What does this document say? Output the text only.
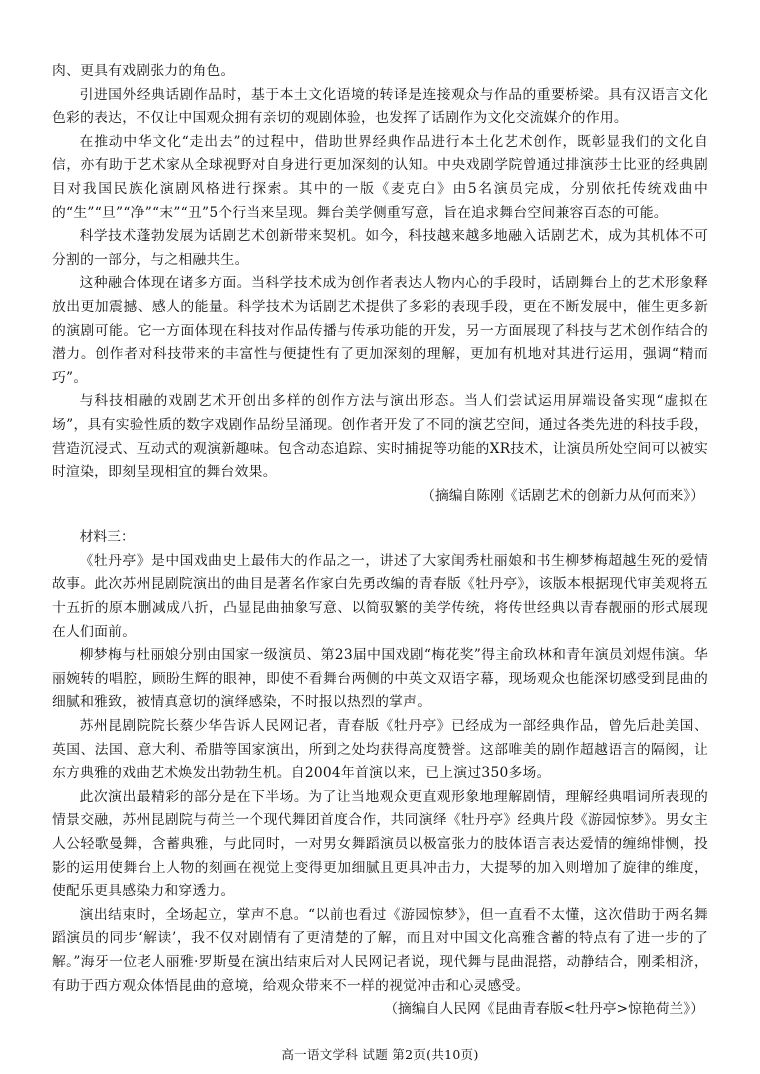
肉、更具有戏剧张力的角色。

引进国外经典话剧作品时，基于本土文化语境的转译是连接观众与作品的重要桥梁。具有汉语言文化色彩的表达，不仅让中国观众拥有亲切的观剧体验，也发挥了话剧作为文化交流媒介的作用。

在推动中华文化“走出去”的过程中，借助世界经典作品进行本土化艺术创作，既彰显我们的文化自信，亦有助于艺术家从全球视野对自身进行更加深刻的认知。中央戏剧学院曾通过排演莎士比亚的经典剧目对我国民族化演剧风格进行探索。其中的一版《麦克白》由5名演员完成，分别依托传统戏曲中的“生”“旦”“净”“末”“丑”5个行当来呈现。舞台美学侧重写意，旨在追求舞台空间兼容百态的可能。

科学技术蓬勃发展为话剧艺术创新带来契机。如今，科技越来越多地融入话剧艺术，成为其机体不可分割的一部分，与之相融共生。

这种融合体现在诸多方面。当科学技术成为创作者表达人物内心的手段时，话剧舞台上的艺术形象释放出更加震撼、感人的能量。科学技术为话剧艺术提供了多彩的表现手段，更在不断发展中，催生更多新的演剧可能。它一方面体现在科技对作品传播与传承功能的开发，另一方面展现了科技与艺术创作结合的潜力。创作者对科技带来的丰富性与便捷性有了更加深刻的理解，更加有机地对其进行运用，强调“精而巧”。

与科技相融的戏剧艺术开创出多样的创作方法与演出形态。当人们尝试运用屏端设备实现“虚拟在场”，具有实验性质的数字戏剧作品纷呈涌现。创作者开发了不同的演艺空间，通过各类先进的科技手段，营造沉浸式、互动式的观演新趣味。包含动态追踪、实时捕捉等功能的XR技术，让演员所处空间可以被实时渲染，即刻呈现相宜的舞台效果。

（摘编自陈刚《话剧艺术的创新力从何而来》）

材料三：

《牡丹亭》是中国戏曲史上最伟大的作品之一，讲述了大家闺秀杜丽娘和书生柳梦梅超越生死的爱情故事。此次苏州昆剧院演出的曲目是著名作家白先勇改编的青春版《牡丹亭》，该版本根据现代审美观将五十五折的原本删减成八折，凸显昆曲抽象写意、以简驭繁的美学传统，将传世经典以青春靓丽的形式展现在人们面前。

柳梦梅与杜丽娘分别由国家一级演员、第23届中国戏剧“梅花奖”得主俞玖林和青年演员刘煜伟演。华丽婉转的唱腔，顾盼生辉的眼神，即使不看舞台两侧的中英文双语字幕，现场观众也能深切感受到昆曲的细腻和雅致，被情真意切的演绎感染，不时报以热烈的掌声。

苏州昆剧院院长蔡少华告诉人民网记者，青春版《牡丹亭》已经成为一部经典作品，曾先后赴美国、英国、法国、意大利、希腊等国家演出，所到之处均获得高度赞誉。这部唯美的剧作超越语言的隔阂，让东方典雅的戏曲艺术焕发出勃勃生机。自2004年首演以来，已上演过350多场。

此次演出最精彩的部分是在下半场。为了让当地观众更直观形象地理解剧情，理解经典唱词所表现的情景交融，苏州昆剧院与荷兰一个现代舞团首度合作，共同演绎《牡丹亭》经典片段《游园惊梦》。男女主人公轻歌曼舞，含蓄典雅，与此同时，一对男女舞蹈演员以极富张力的肢体语言表达爱情的缠绵悱恻，投影的运用使舞台上人物的刻画在视觉上变得更加细腻且更具冲击力，大提琴的加入则增加了旋律的维度，使配乐更具感染力和穿透力。

演出结束时，全场起立，掌声不息。“以前也看过《游园惊梦》，但一直看不太懂，这次借助于两名舞蹈演员的同步‘解读’，我不仅对剧情有了更清楚的了解，而且对中国文化高雅含蓄的特点有了进一步的了解。”海牙一位老人丽雅·罗斯曼在演出结束后对人民网记者说，现代舞与昆曲混搭，动静结合，刚柔相济，有助于西方观众体悟昆曲的意境，给观众带来不一样的视觉冲击和心灵感受。

（摘编自人民网《昆曲青春版<牡丹亭>惊艳荷兰》）

高一语文学科 试题 第2页(共10页)
